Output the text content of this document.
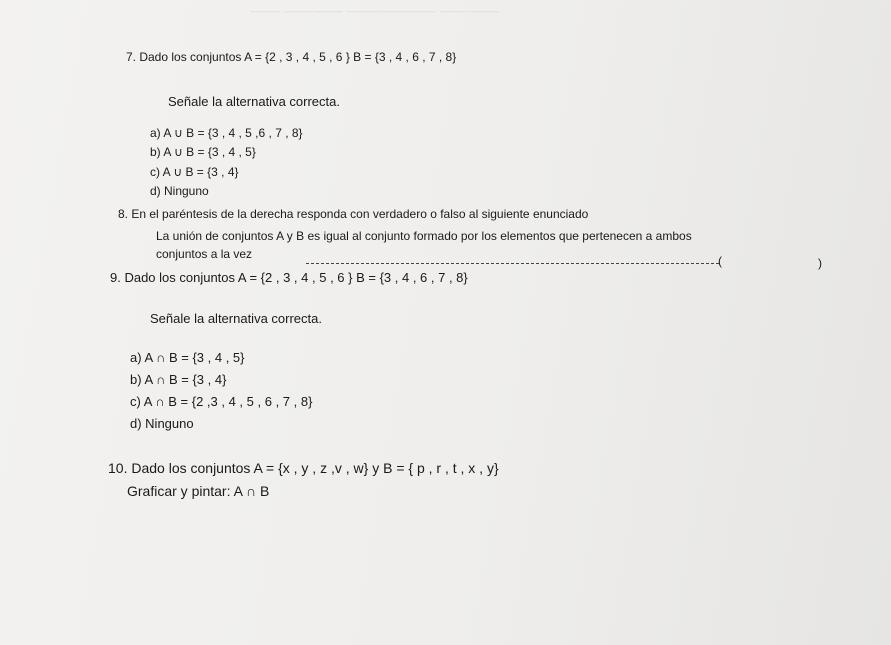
⸻ ⸻⸻ ⸻⸻⸻ ⸻⸻
7. Dado los conjuntos A = {2 , 3 , 4 , 5 , 6 } B = {3 , 4 , 6 , 7 , 8}
Señale la alternativa correcta.
a) A ∪ B = {3 , 4 , 5 ,6 , 7 , 8}
b) A ∪ B = {3 , 4 , 5}
c) A ∪ B = {3 , 4}
d) Ninguno
8. En el paréntesis de la derecha responda con verdadero o falso al siguiente enunciado
La unión de conjuntos A y B es igual al conjunto formado por los elementos que pertenecen a ambos
conjuntos a la vez	(	)
9. Dado los conjuntos A = {2 , 3 , 4 , 5 , 6 } B = {3 , 4 , 6 , 7 , 8}
Señale la alternativa correcta.
a) A ∩ B = {3 , 4 , 5}
b) A ∩ B = {3 , 4}
c) A ∩ B = {2 ,3 , 4 , 5 , 6 , 7 , 8}
d) Ninguno
10. Dado los conjuntos A = {x , y , z ,v , w} y B = { p , r , t , x , y}
Graficar y pintar: A ∩ B
